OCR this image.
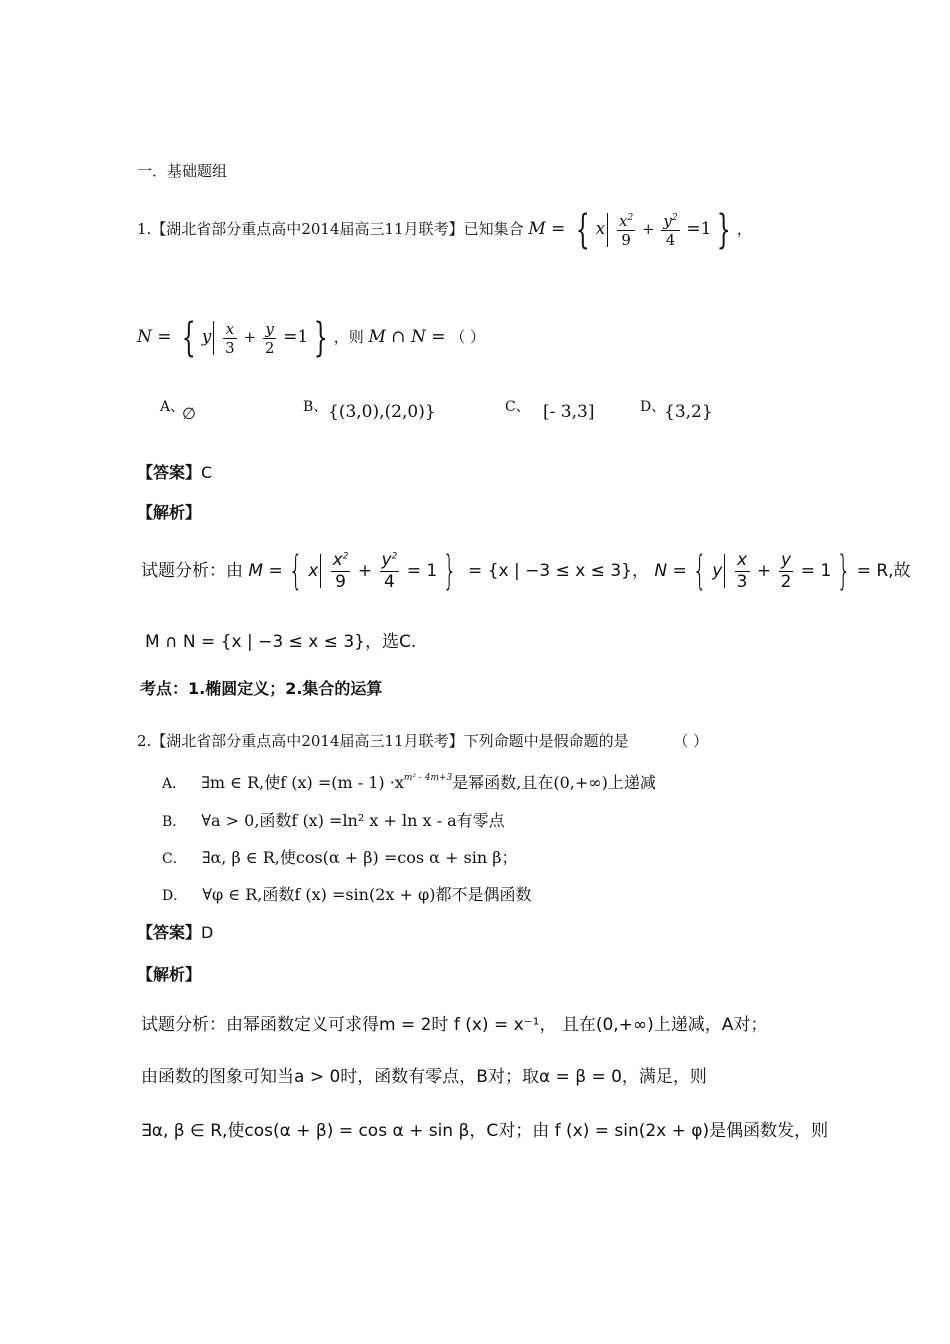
一．基础题组
1.【湖北省部分重点高中2014届高三11月联考】已知集合 M = { x $\frac{x^2}{9} + \frac{y^2}{4} =1$ } ，
N = { y $\frac{x}{3} + \frac{y}{2} =1$ } ，则 M ∩ N = （ ）
A、
∅	B、 {(3,0),(2,0)}	C、 [- 3,3]	D、
{3,2}
【答案】C
【解析】
试题分析：由 M = { x $\frac{x^2}{9} + \frac{y^2}{4} = 1$ } = {x | −3 ≤ x ≤ 3}， N = { y $\frac{x}{3} + \frac{y}{2} = 1$ } = R,故
M ∩ N = {x | −3 ≤ x ≤ 3}，选C.
考点：1.椭圆定义；2.集合的运算
2.【湖北省部分重点高中2014届高三11月联考】下列命题中是假命题的是	（ ）
A． ∃m ∈ R,使f $(x) =(m - 1) \cdot x^{m^2 - 4m+3}$是幂函数,且在(0,+∞)上递减
B． ∀a > 0,函数f (x) =ln² x + ln x - a有零点
C． ∃α, β ∈ R,使cos(α + β) =cos α + sin β；
D． ∀φ ∈ R,函数f (x) =sin(2x + φ)都不是偶函数
【答案】D
【解析】
试题分析：由幂函数定义可求得m = 2时 f (x) = x⁻¹， 且在(0,+∞)上递减，A对；
由函数的图象可知当a > 0时，函数有零点，B对；取α = β = 0，满足，则
∃α, β ∈ R,使cos(α + β) = cos α + sin β，C对；由 f (x) = sin(2x + φ)是偶函数发，则
